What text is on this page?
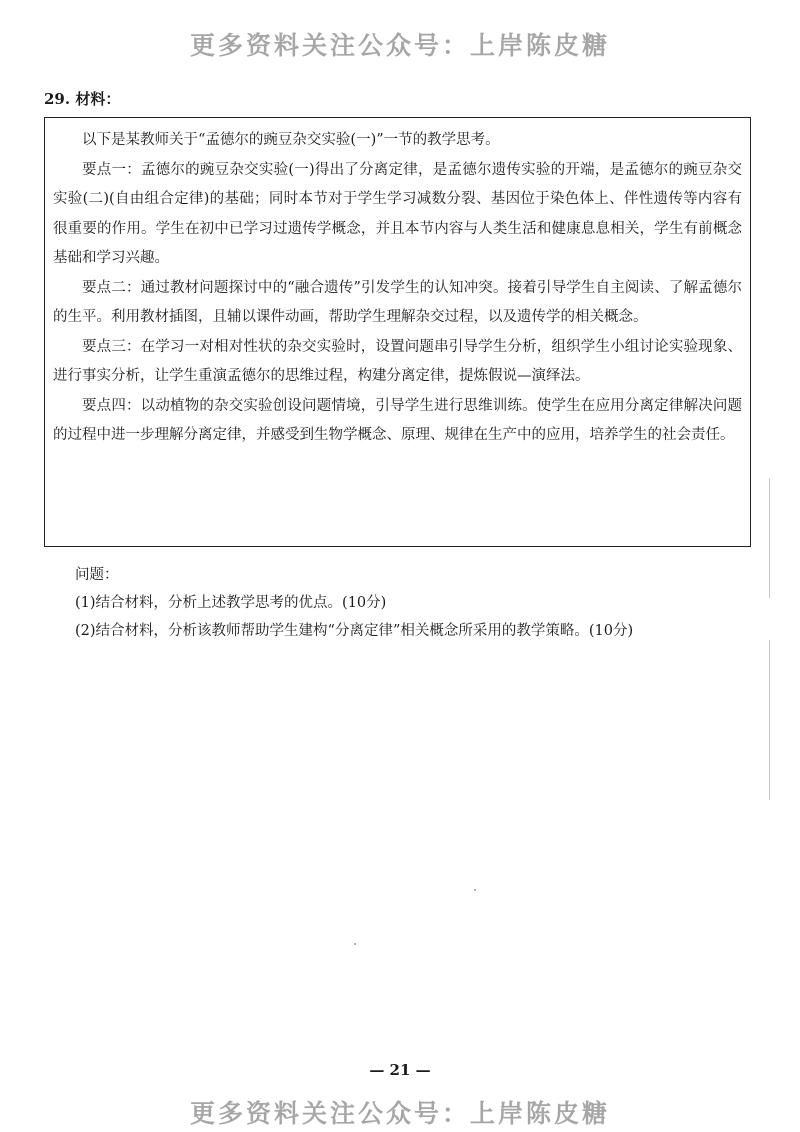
更多资料关注公众号：上岸陈皮糖
29. 材料：

以下是某教师关于“孟德尔的豌豆杂交实验(一)”一节的教学思考。

要点一：孟德尔的豌豆杂交实验(一)得出了分离定律，是孟德尔遗传实验的开端，是孟德尔的豌豆杂交实验(二)(自由组合定律)的基础；同时本节对于学生学习减数分裂、基因位于染色体上、伴性遗传等内容有很重要的作用。学生在初中已学习过遗传学概念，并且本节内容与人类生活和健康息息相关，学生有前概念基础和学习兴趣。

要点二：通过教材问题探讨中的“融合遗传”引发学生的认知冲突。接着引导学生自主阅读、了解孟德尔的生平。利用教材插图，且辅以课件动画，帮助学生理解杂交过程，以及遗传学的相关概念。

要点三：在学习一对相对性状的杂交实验时，设置问题串引导学生分析，组织学生小组讨论实验现象、进行事实分析，让学生重演孟德尔的思维过程，构建分离定律，提炼假说—演绎法。

要点四：以动植物的杂交实验创设问题情境，引导学生进行思维训练。使学生在应用分离定律解决问题的过程中进一步理解分离定律，并感受到生物学概念、原理、规律在生产中的应用，培养学生的社会责任。

问题：

(1)结合材料，分析上述教学思考的优点。(10分)

(2)结合材料，分析该教师帮助学生建构“分离定律”相关概念所采用的教学策略。(10分)

— 21 —
更多资料关注公众号：上岸陈皮糖
